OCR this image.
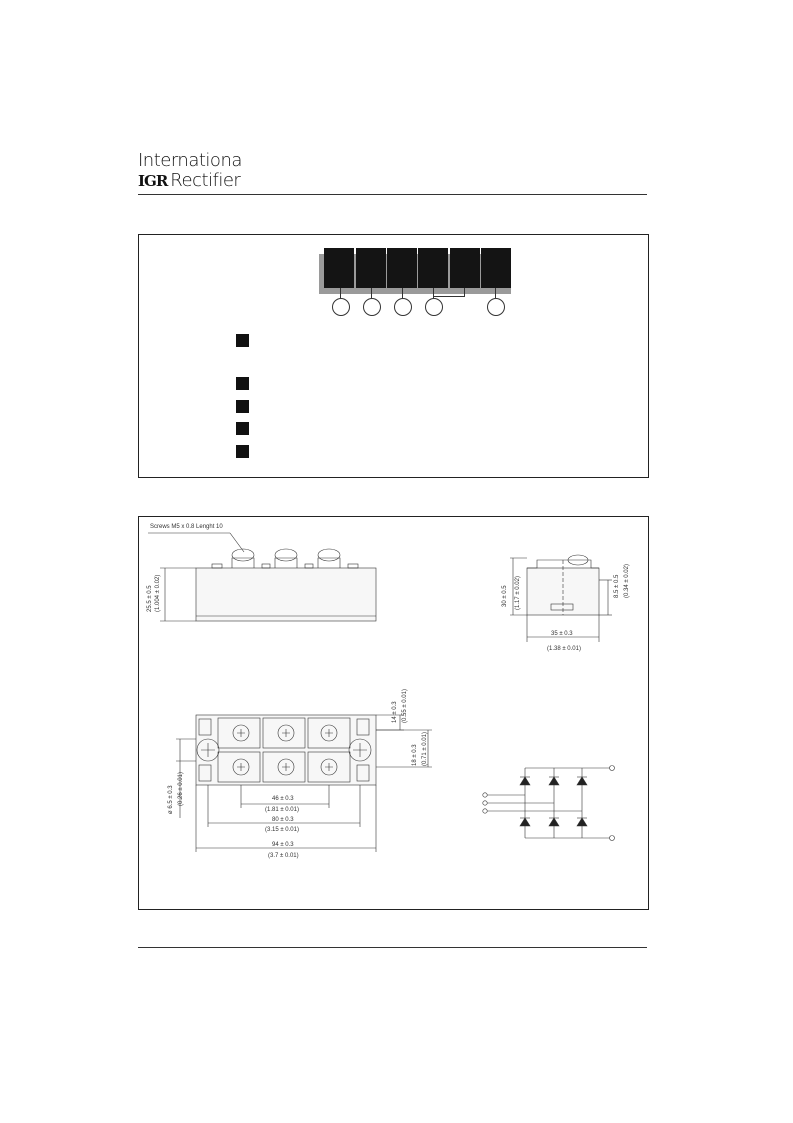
Internationa
IGR Rectifier
Screws M5 x 0.8 Lenght 10
25.5 ± 0.5 (1.004 ± 0.02)	30 ± 0.5 (1.17 ± 0.02)	8.5 ± 0.5 (0.34 ± 0.02)
35 ± 0.3
(1.38 ± 0.01)
14 ± 0.3 (0.55 ± 0.01)
18 ± 0.3 (0.71 ± 0.01)
ø 6.5 ± 0.3 (0.26 ± 0.01)	46 ± 0.3
(1.81 ± 0.01)
80 ± 0.3
(3.15 ± 0.01)
94 ± 0.3
(3.7 ± 0.01)
